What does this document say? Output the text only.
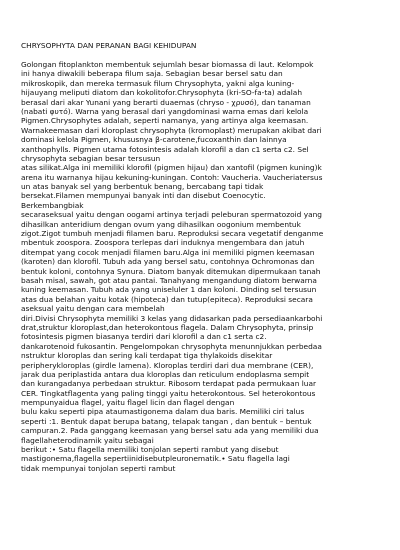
CHRYSOPHYTA DAN PERANAN BAGI KEHIDUPAN
Golongan fitoplankton membentuk sejumlah besar biomassa di laut. Kelompok
ini hanya diwakili beberapa filum saja. Sebagian besar bersel satu dan
mikroskopik, dan mereka termasuk filum Chrysophyta, yakni alga kuning-
hijauyang meliputi diatom dan kokolitofor.Chrysophyta (kri-SO-fa-ta) adalah
berasal dari akar Yunani yang berarti duaemas (chryso - χρυσό), dan tanaman
(nabati φυτό). Warna yang berasal dari yangdominasi warna emas dari kelola
Pigmen.Chrysophytes adalah, seperti namanya, yang artinya alga keemasan.
Warnakeemasan dari kloroplast chrysophyta (kromoplast) merupakan akibat dari
dominasi kelola Pigmen, khususnya β-carotene,fucoxanthin dan lainnya
xanthophylls. Pigmen utama fotosintesis adalah klorofil a dan c1 serta c2. Sel
chrysophyta sebagian besar tersusun
atas silikat.Alga ini memiliki klorofil (pigmen hijau) dan xantofil (pigmen kuning)k
arena itu warnanya hijau kekuning-kuningan. Contoh: Vaucheria. Vaucheriatersus
un atas banyak sel yang berbentuk benang, bercabang tapi tidak
bersekat.Filamen mempunyai banyak inti dan disebut Coenocytic.
Berkembangbiak
secaraseksual yaitu dengan oogami artinya terjadi peleburan spermatozoid yang
dihasilkan anteridium dengan ovum yang dihasilkan oogonium membentuk
zigot.Zigot tumbuh menjadi filamen baru. Reproduksi secara vegetatif dengan​me
mbentuk zoospora. Zoospora terlepas dari induknya mengembara dan jatuh
ditempat yang cocok menjadi filamen baru.Alga ini memiliki pigmen keemasan
(karoten) dan klorofil. Tubuh ada yang bersel satu, contohnya Ochromonas dan
bentuk koloni, contohnya Synura. Diatom banyak ditemukan dipermukaan tanah
basah misal, sawah, got atau pantai. Tanahyang mengandung diatom berwarna
kuning keemasan. Tubuh ada yang uniseluler 1 dan koloni. Dinding sel tersusun
atas dua belahan yaitu kotak (hipoteca) dan tutup(epiteca). Reproduksi secara
aseksual yaitu dengan cara membelah
diri.Divisi Chrysophyta memiliki 3 kelas yang didasarkan pada persediaankarbohi
drat,struktur kloroplast,dan heterokontous flagela. Dalam Chrysophyta, prinsip
fotosintesis pigmen biasanya terdiri dari klorofil a dan c1 serta c2.
dankarotenoid fukosantin. Pengelompokan chrysophyta menunnjukkan perbedaa
nstruktur kloroplas dan sering kali terdapat tiga thylakoids disekitar
peripheryklorop​las (girdle lamena). Kloroplas terdiri dari dua membrane (CER),
jarak dua periplastida antara dua kloroplas dan reticulum endoplasma sempit
dan kurangadanya perbedaan struktur. Ribosom terdapat pada permukaan luar
CER. Tingkatflagenta yang paling tinggi yaitu heterokontous. Sel heterokontous
mempunyaidua flagel, yaitu flagel licin dan flagel dengan
bulu kaku seperti pipa ataumastigonema dalam dua baris. Memiliki ciri talus
seperti :1. Bentuk dapat berupa batang, telapak tangan , dan bentuk – bentuk
campuran.2. Pada ganggang keemasan yang bersel satu ada yang memiliki dua
flagellaheterodinamik yaitu sebagai
berikut :• Satu flagella memiliki tonjolan seperti rambut yang disebut
mastigonema,flagella sepertiinidisebutpleuronematik.• Satu flagella lagi
tidak mempunyai tonjolan seperti rambut
